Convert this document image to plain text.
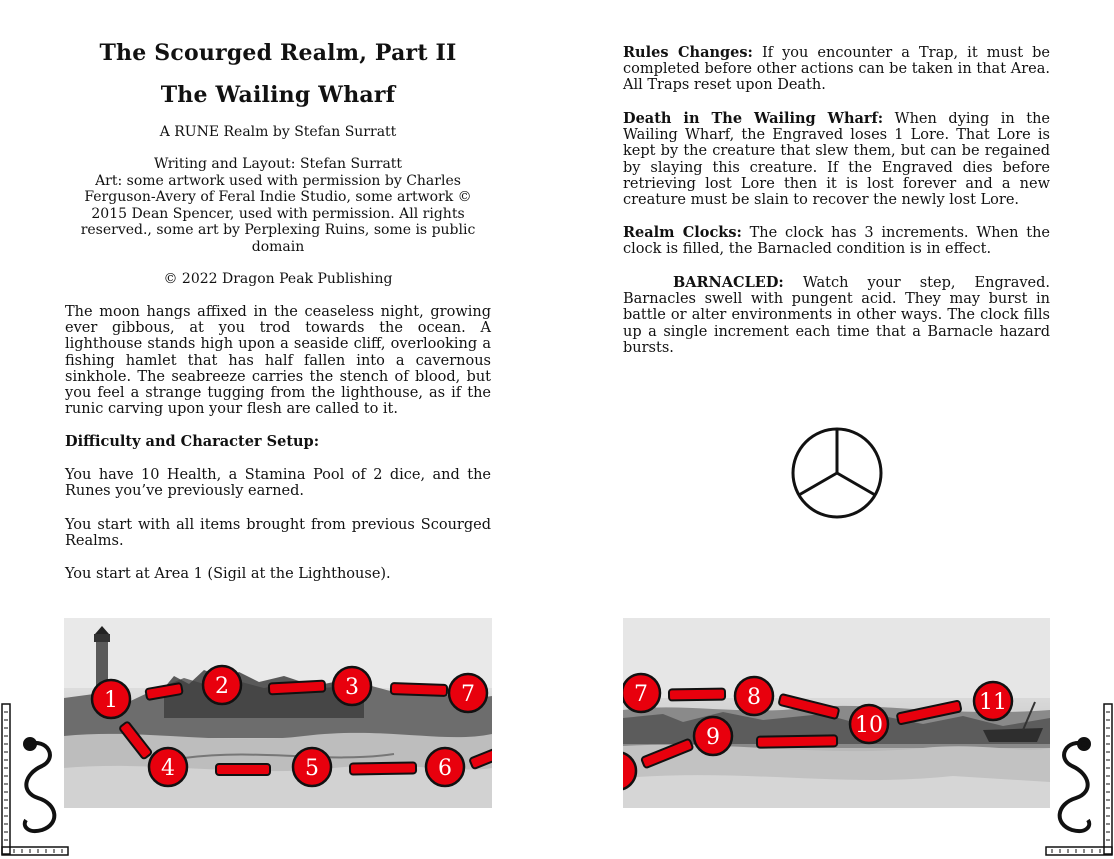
The Scourged Realm, Part II
The Wailing Wharf
A RUNE Realm by Stefan Surratt
Writing and Layout: Stefan Surratt
Art: some artwork used with permission by Charles
Ferguson-Avery of Feral Indie Studio, some artwork ©
2015 Dean Spencer, used with permission. All rights
reserved., some art by Perplexing Ruins, some is public
domain
© 2022 Dragon Peak Publishing

The moon hangs affixed in the ceaseless night, growing ever gibbous, at you trod towards the ocean. A lighthouse stands high upon a seaside cliff, overlooking a fishing hamlet that has half fallen into a cavernous sinkhole. The seabreeze carries the stench of blood, but you feel a strange tugging from the lighthouse, as if the runic carving upon your flesh are called to it.

Difficulty and Character Setup:

You have 10 Health, a Stamina Pool of 2 dice, and the Runes you’ve previously earned.

You start with all items brought from previous Scourged Realms.

You start at Area 1 (Sigil at the Lighthouse).

1
2	3	7
4	5	6

Rules Changes: If you encounter a Trap, it must be completed before other actions can be taken in that Area. All Traps reset upon Death.

Death in The Wailing Wharf: When dying in the Wailing Wharf, the Engraved loses 1 Lore. That Lore is kept by the creature that slew them, but can be regained by slaying this creature. If the Engraved dies before retrieving lost Lore then it is lost forever and a new creature must be slain to recover the newly lost Lore.

Realm Clocks: The clock has 3 increments. When the clock is filled, the Barnacled condition is in effect.

BARNACLED: Watch your step, Engraved. Barnacles swell with pungent acid. They may burst in battle or alter environments in other ways. The clock fills up a single increment each time that a Barnacle hazard bursts.

7	8	11
10
9
